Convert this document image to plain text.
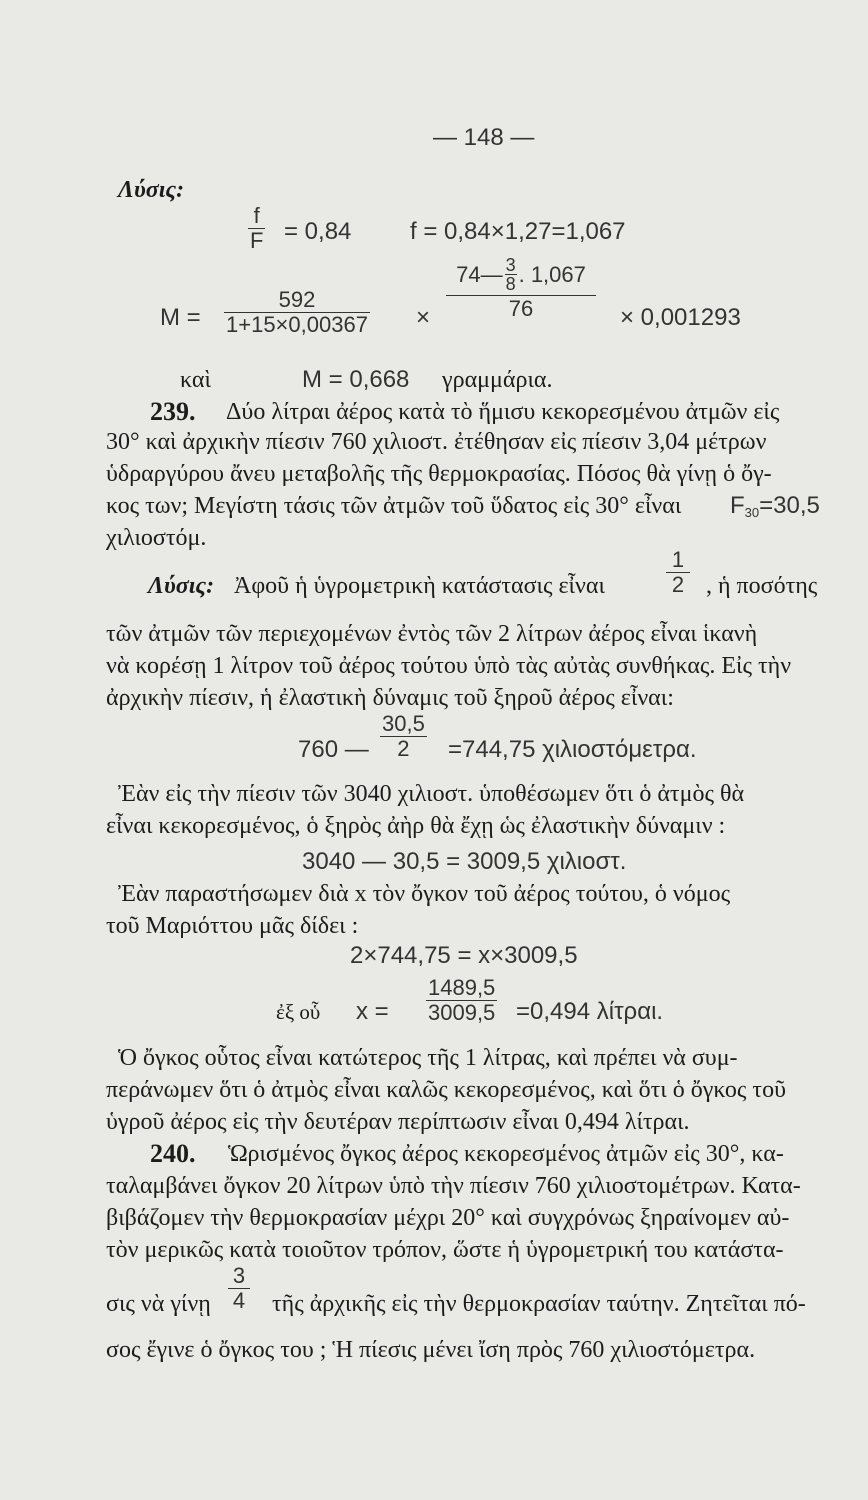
— 148 —
Λύσις:
f
F = 0,84 f = 0,84×1,27=1,067
M =
592
1+15×0,00367 ×
74— 3
8 . 1,067
76	× 0,001293
καὶ	M = 0,668 γραμμάρια.
239. Δύο λίτραι ἀέρος κατὰ τὸ ἥμισυ κεκορεσμένου ἀτμῶν εἰς
30° καὶ ἀρχικὴν πίεσιν 760 χιλιοστ. ἐτέθησαν εἰς πίεσιν 3,04 μέτρων
ὑδραργύρου ἄνευ μεταβολῆς τῆς θερμοκρασίας. Πόσος θὰ γίνῃ ὁ ὄγ-
κος των; Μεγίστη τάσις τῶν ἀτμῶν τοῦ ὕδατος εἰς 30° εἶναι $F_{30}=30,5$
χιλιοστόμ.
Λύσις: Ἀφοῦ ἡ ὑγρομετρικὴ κατάστασις εἶναι
1
2 , ἡ ποσότης
τῶν ἀτμῶν τῶν περιεχομένων ἐντὸς τῶν 2 λίτρων ἀέρος εἶναι ἱκανὴ
νὰ κορέσῃ 1 λίτρον τοῦ ἀέρος τούτου ὑπὸ τὰς αὐτὰς συνθήκας. Εἰς τὴν
ἀρχικὴν πίεσιν, ἡ ἐλαστικὴ δύναμις τοῦ ξηροῦ ἀέρος εἶναι:
760 —
30,5
2 =744,75 χιλιοστόμετρα.
Ἐὰν εἰς τὴν πίεσιν τῶν 3040 χιλιοστ. ὑποθέσωμεν ὅτι ὁ ἀτμὸς θὰ
εἶναι κεκορεσμένος, ὁ ξηρὸς ἀὴρ θὰ ἔχῃ ὡς ἐλαστικὴν δύναμιν :
3040 — 30,5 = 3009,5 χιλιοστ.
Ἐὰν παραστήσωμεν διὰ x τὸν ὄγκον τοῦ ἀέρος τούτου, ὁ νόμος
τοῦ Μαριόττου μᾶς δίδει :
2×744,75 = x×3009,5
ἐξ οὗ x =
1489,5
3009,5 =0,494 λίτραι.
Ὁ ὄγκος οὗτος εἶναι κατώτερος τῆς 1 λίτρας, καὶ πρέπει νὰ συμ-
περάνωμεν ὅτι ὁ ἀτμὸς εἶναι καλῶς κεκορεσμένος, καὶ ὅτι ὁ ὄγκος τοῦ
ὑγροῦ ἀέρος εἰς τὴν δευτέραν περίπτωσιν εἶναι 0,494 λίτραι.
240. Ὡρισμένος ὄγκος ἀέρος κεκορεσμένος ἀτμῶν εἰς 30°, κα-
ταλαμβάνει ὄγκον 20 λίτρων ὑπὸ τὴν πίεσιν 760 χιλιοστομέτρων. Κατα-
βιβάζομεν τὴν θερμοκρασίαν μέχρι 20° καὶ συγχρόνως ξηραίνομεν αὐ-
τὸν μερικῶς κατὰ τοιοῦτον τρόπον, ὥστε ἡ ὑγρομετρική του κατάστα-
σις νὰ γίνῃ
3
4 τῆς ἀρχικῆς εἰς τὴν θερμοκρασίαν ταύτην. Ζητεῖται πό-
σος ἔγινε ὁ ὄγκος του ; Ἡ πίεσις μένει ἴση πρὸς 760 χιλιοστόμετρα.
